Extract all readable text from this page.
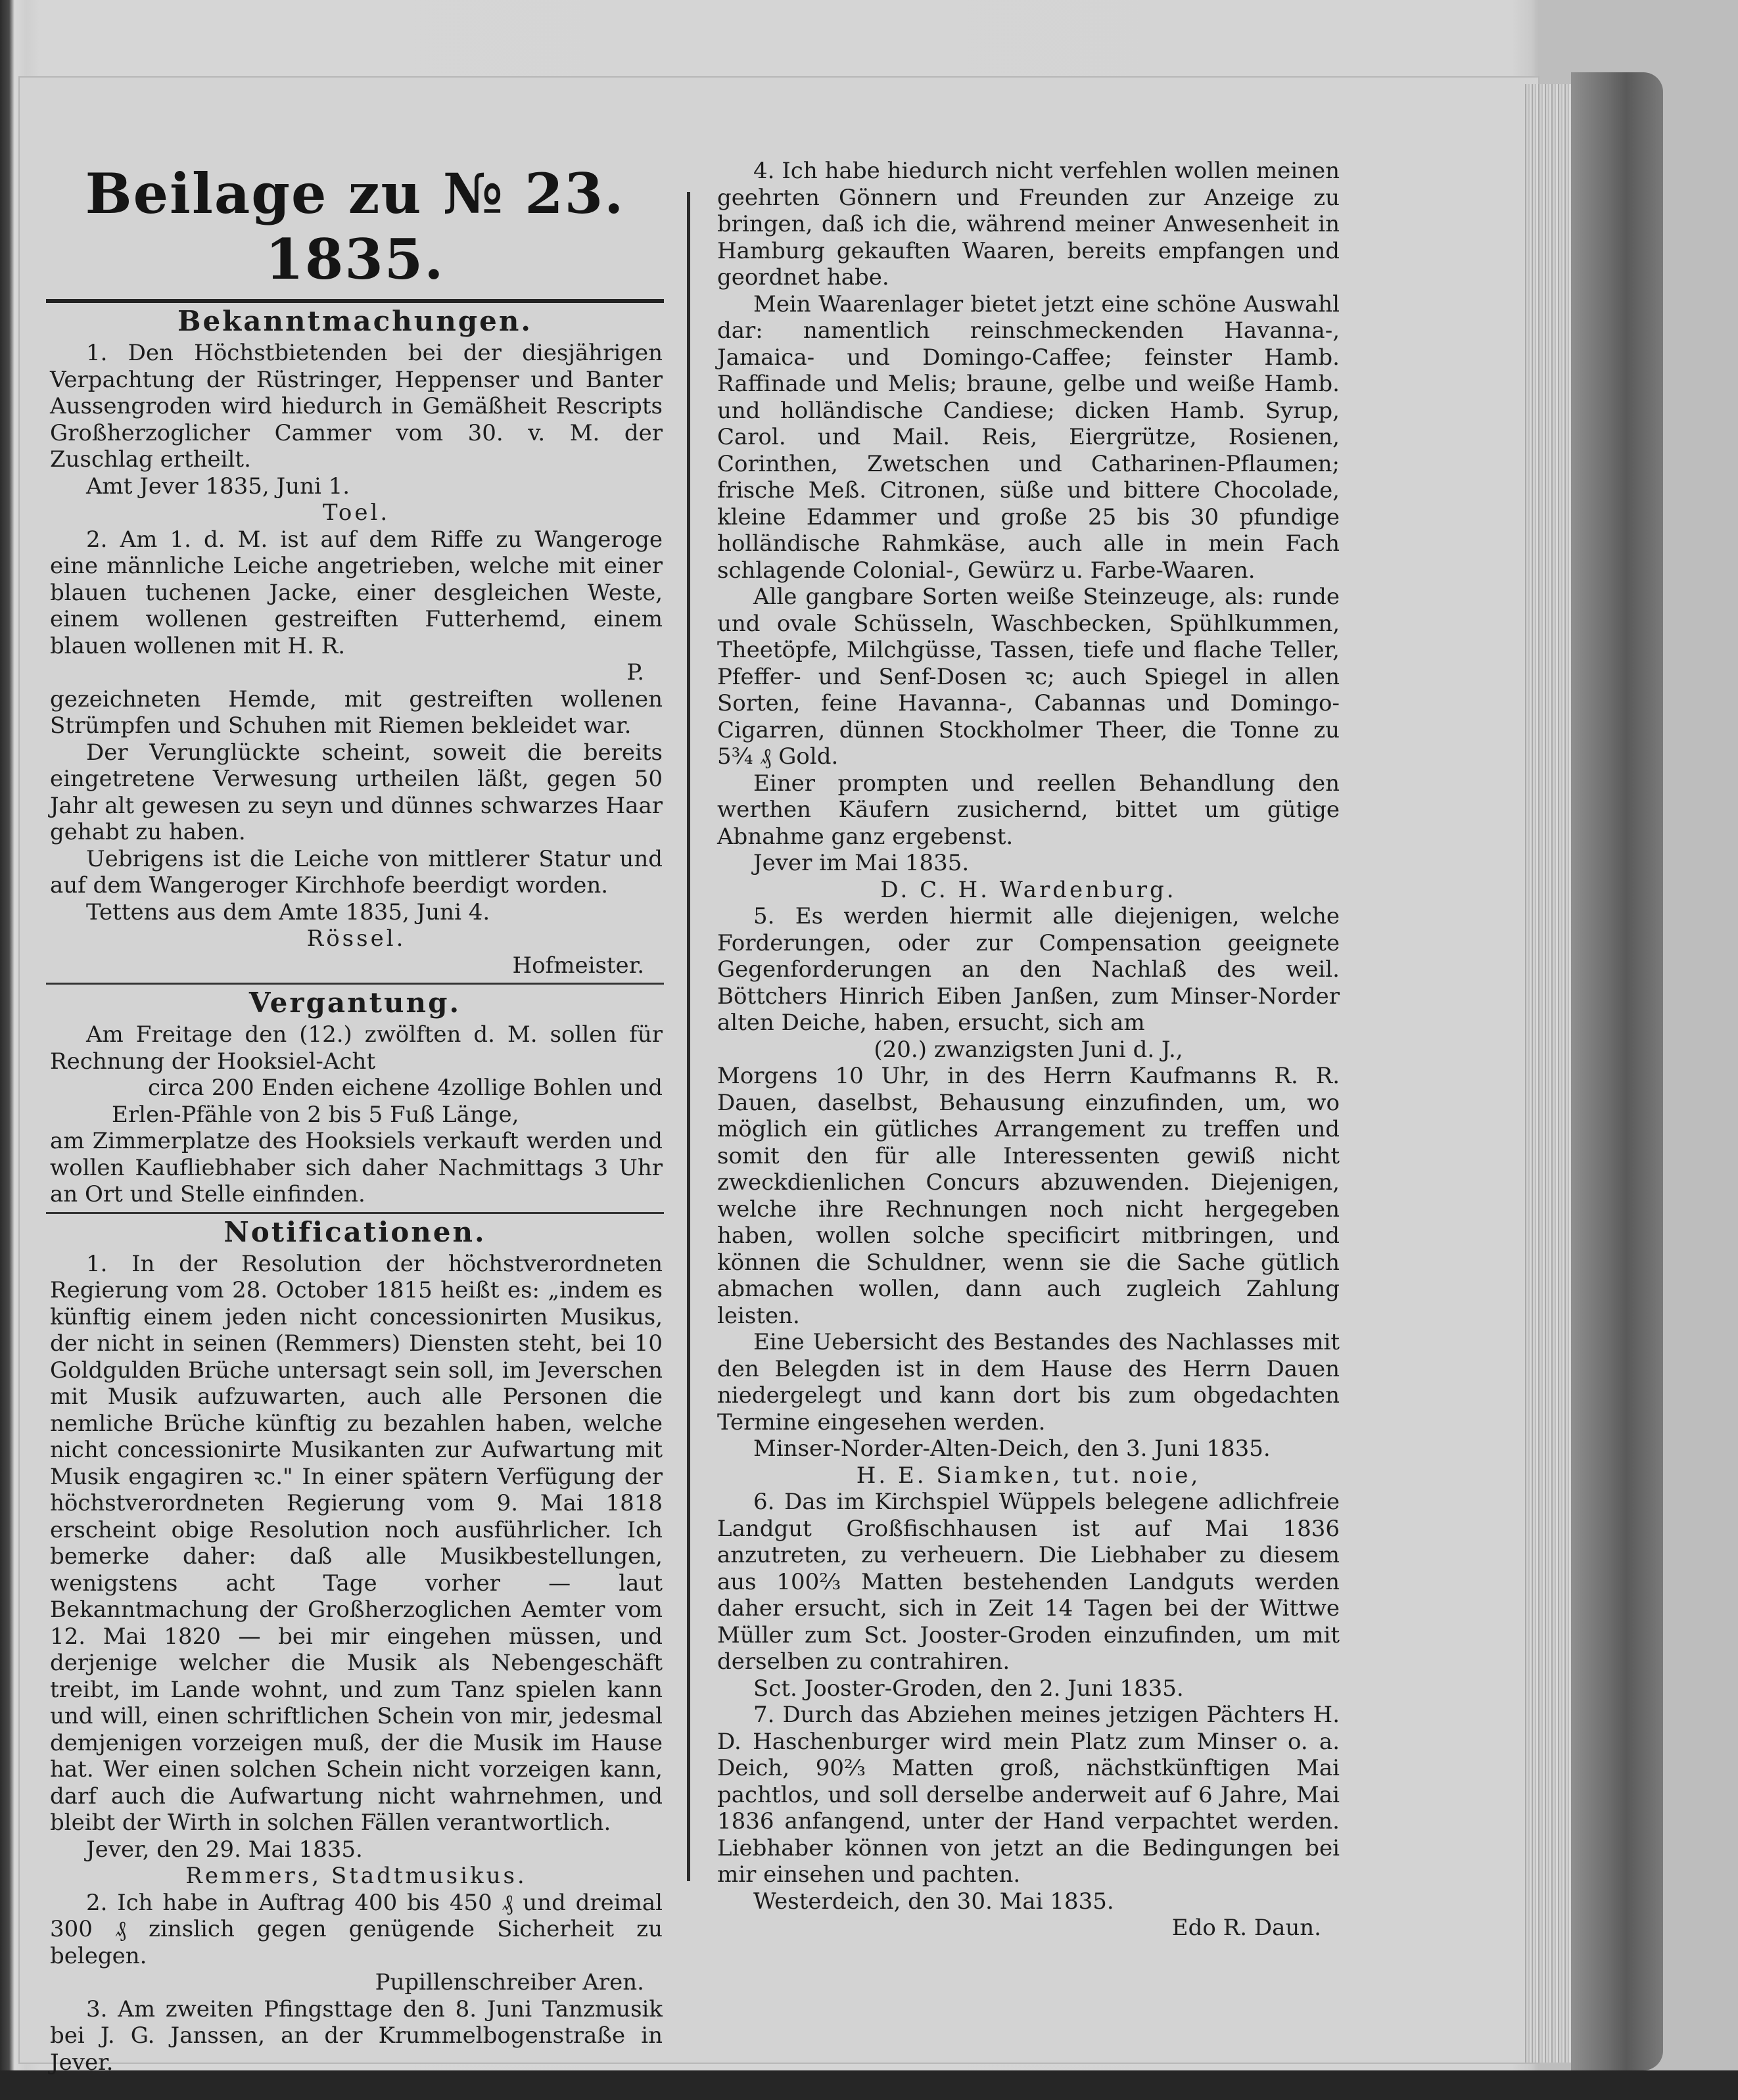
Beilage zu № 23. 1835.
Bekanntmachungen.

1. Den Höchstbietenden bei der diesjährigen Verpachtung der Rüstringer, Heppenser und Banter Aussengroden wird hiedurch in Gemäßheit Rescripts Großherzoglicher Cammer vom 30. v. M. der Zuschlag ertheilt.

Amt Jever 1835, Juni 1.

Toel.

2. Am 1. d. M. ist auf dem Riffe zu Wangeroge eine männliche Leiche angetrieben, welche mit einer blauen tuchenen Jacke, einer desgleichen Weste, einem wollenen gestreiften Futterhemd, einem blauen wollenen mit H. R.

P.

gezeichneten Hemde, mit gestreiften wollenen Strümpfen und Schuhen mit Riemen bekleidet war.

Der Verunglückte scheint, soweit die bereits eingetretene Verwesung urtheilen läßt, gegen 50 Jahr alt gewesen zu seyn und dünnes schwarzes Haar gehabt zu haben.

Uebrigens ist die Leiche von mittlerer Statur und auf dem Wangeroger Kirchhofe beerdigt worden.

Tettens aus dem Amte 1835, Juni 4.

Rössel.

Hofmeister.

Vergantung.

Am Freitage den (12.) zwölften d. M. sollen für Rechnung der Hooksiel-Acht

circa 200 Enden eichene 4zollige Bohlen und Erlen-Pfähle von 2 bis 5 Fuß Länge,

am Zimmerplatze des Hooksiels verkauft werden und wollen Kaufliebhaber sich daher Nachmittags 3 Uhr an Ort und Stelle einfinden.

Notificationen.

1. In der Resolution der höchstverordneten Regierung vom 28. October 1815 heißt es: „indem es künftig einem jeden nicht concessionirten Musikus, der nicht in seinen (Remmers) Diensten steht, bei 10 Goldgulden Brüche untersagt sein soll, im Jeverschen mit Musik aufzuwarten, auch alle Personen die nemliche Brüche künftig zu bezahlen haben, welche nicht concessionirte Musikanten zur Aufwartung mit Musik engagiren ꝛc." In einer spätern Verfügung der höchstverordneten Regierung vom 9. Mai 1818 erscheint obige Resolution noch ausführlicher. Ich bemerke daher: daß alle Musikbestellungen, wenigstens acht Tage vorher — laut Bekanntmachung der Großherzoglichen Aemter vom 12. Mai 1820 — bei mir eingehen müssen, und derjenige welcher die Musik als Nebengeschäft treibt, im Lande wohnt, und zum Tanz spielen kann und will, einen schriftlichen Schein von mir, jedesmal demjenigen vorzeigen muß, der die Musik im Hause hat. Wer einen solchen Schein nicht vorzeigen kann, darf auch die Aufwartung nicht wahrnehmen, und bleibt der Wirth in solchen Fällen verantwortlich.

Jever, den 29. Mai 1835.

Remmers, Stadtmusikus.

2. Ich habe in Auftrag 400 bis 450 ₰ und dreimal 300 ₰ zinslich gegen genügende Sicherheit zu belegen.

Pupillenschreiber Aren.

3. Am zweiten Pfingsttage den 8. Juni Tanzmusik bei J. G. Janssen, an der Krummelbogenstraße in Jever.

4. Ich habe hiedurch nicht verfehlen wollen meinen geehrten Gönnern und Freunden zur Anzeige zu bringen, daß ich die, während meiner Anwesenheit in Hamburg gekauften Waaren, bereits empfangen und geordnet habe.

Mein Waarenlager bietet jetzt eine schöne Auswahl dar: namentlich reinschmeckenden Havanna-, Jamaica- und Domingo-Caffee; feinster Hamb. Raffinade und Melis; braune, gelbe und weiße Hamb. und holländische Candiese; dicken Hamb. Syrup, Carol. und Mail. Reis, Eiergrütze, Rosienen, Corinthen, Zwetschen und Catharinen-Pflaumen; frische Meß. Citronen, süße und bittere Chocolade, kleine Edammer und große 25 bis 30 pfundige holländische Rahmkäse, auch alle in mein Fach schlagende Colonial-, Gewürz u. Farbe-Waaren.

Alle gangbare Sorten weiße Steinzeuge, als: runde und ovale Schüsseln, Waschbecken, Spühlkummen, Theetöpfe, Milchgüsse, Tassen, tiefe und flache Teller, Pfeffer- und Senf-Dosen ꝛc; auch Spiegel in allen Sorten, feine Havanna-, Cabannas und Domingo-Cigarren, dünnen Stockholmer Theer, die Tonne zu 5¾ ₰ Gold.

Einer prompten und reellen Behandlung den werthen Käufern zusichernd, bittet um gütige Abnahme ganz ergebenst.

Jever im Mai 1835.

D. C. H. Wardenburg.

5. Es werden hiermit alle diejenigen, welche Forderungen, oder zur Compensation geeignete Gegenforderungen an den Nachlaß des weil. Böttchers Hinrich Eiben Janßen, zum Minser-Norder alten Deiche, haben, ersucht, sich am

(20.) zwanzigsten Juni d. J.,

Morgens 10 Uhr, in des Herrn Kaufmanns R. R. Dauen, daselbst, Behausung einzufinden, um, wo möglich ein gütliches Arrangement zu treffen und somit den für alle Interessenten gewiß nicht zweckdienlichen Concurs abzuwenden. Diejenigen, welche ihre Rechnungen noch nicht hergegeben haben, wollen solche specificirt mitbringen, und können die Schuldner, wenn sie die Sache gütlich abmachen wollen, dann auch zugleich Zahlung leisten.

Eine Uebersicht des Bestandes des Nachlasses mit den Belegden ist in dem Hause des Herrn Dauen niedergelegt und kann dort bis zum obgedachten Termine eingesehen werden.

Minser-Norder-Alten-Deich, den 3. Juni 1835.

H. E. Siamken, tut. noie,

6. Das im Kirchspiel Wüppels belegene adlichfreie Landgut Großfischhausen ist auf Mai 1836 anzutreten, zu verheuern. Die Liebhaber zu diesem aus 100⅔ Matten bestehenden Landguts werden daher ersucht, sich in Zeit 14 Tagen bei der Wittwe Müller zum Sct. Jooster-Groden einzufinden, um mit derselben zu contrahiren.

Sct. Jooster-Groden, den 2. Juni 1835.

7. Durch das Abziehen meines jetzigen Pächters H. D. Haschenburger wird mein Platz zum Minser o. a. Deich, 90⅔ Matten groß, nächstkünftigen Mai pachtlos, und soll derselbe anderweit auf 6 Jahre, Mai 1836 anfangend, unter der Hand verpachtet werden. Liebhaber können von jetzt an die Bedingungen bei mir einsehen und pachten.

Westerdeich, den 30. Mai 1835.

Edo R. Daun.
